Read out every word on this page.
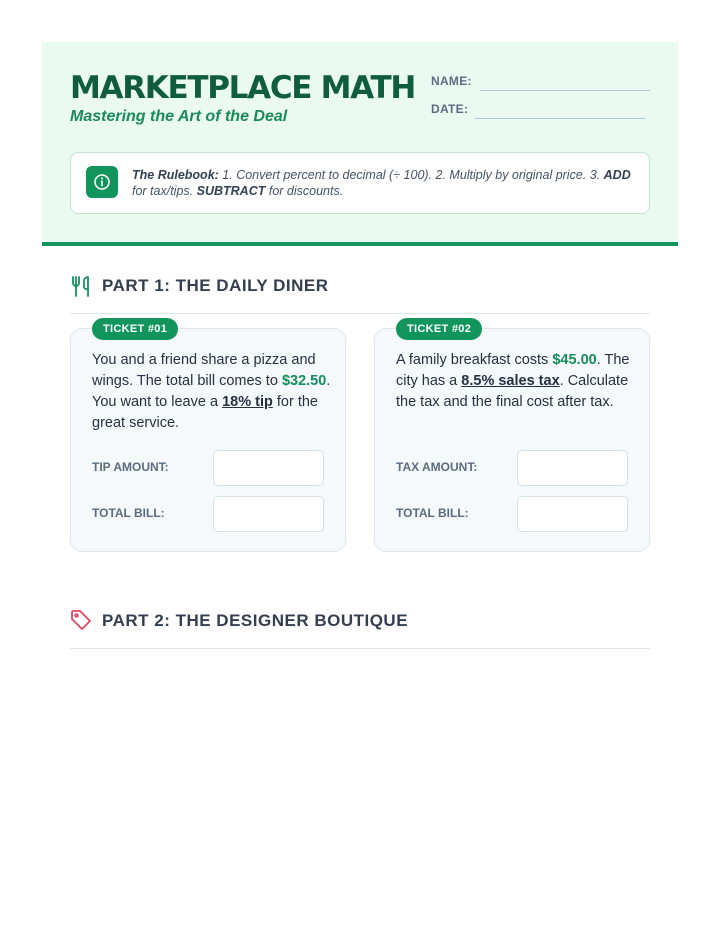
MARKETPLACE MATH
Mastering the Art of the Deal
NAME:
DATE:
The Rulebook: 1. Convert percent to decimal (÷ 100). 2. Multiply by original price. 3. ADD for tax/tips. SUBTRACT for discounts.
PART 1: THE DAILY DINER
TICKET #01
You and a friend share a pizza and wings. The total bill comes to $32.50. You want to leave a 18% tip for the great service.
TIP AMOUNT:
TOTAL BILL:
TICKET #02
A family breakfast costs $45.00. The city has a 8.5% sales tax. Calculate the tax and the final cost after tax.
TAX AMOUNT:
TOTAL BILL:
PART 2: THE DESIGNER BOUTIQUE
